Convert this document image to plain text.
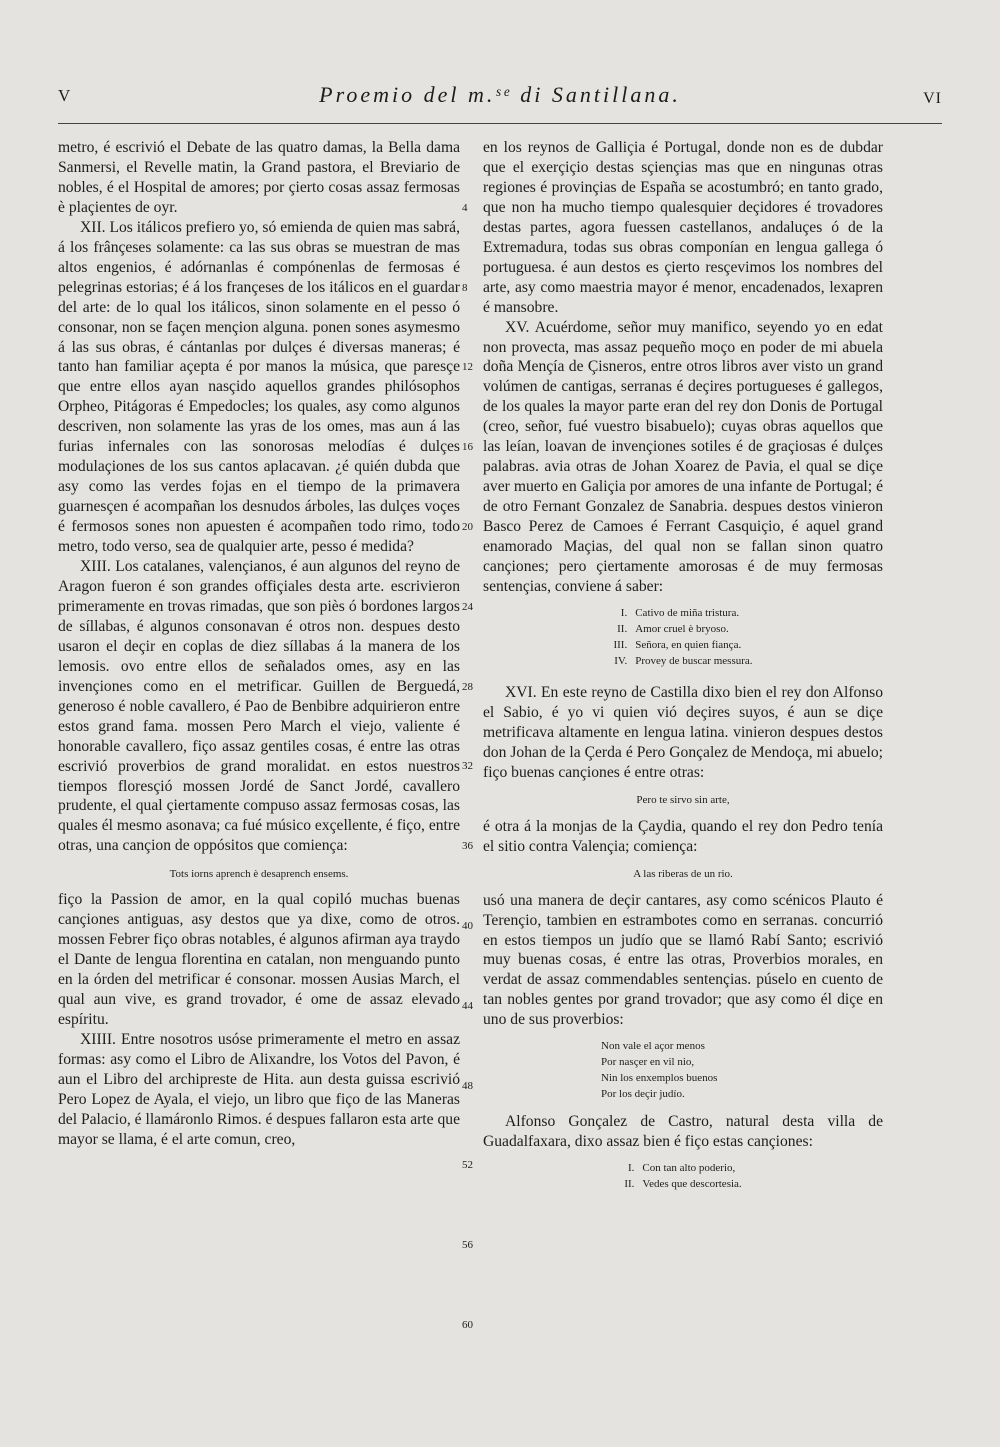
V	Proemio del m.ˢᵉ di Santillana.	VI

metro, é escrivió el Debate de las quatro damas, la Bella dama Sanmersi, el Revelle matin, la Grand pastora, el Breviario de nobles, é el Hospital de amores; por çierto cosas assaz fermosas è plaçientes de oyr.

XII. Los itálicos prefiero yo, só emienda de quien mas sabrá, á los frânçeses solamente: ca las sus obras se muestran de mas altos engenios, é adórnanlas é compónenlas de fermosas é pelegrinas estorias; é á los françeses de los itálicos en el guardar del arte: de lo qual los itálicos, sinon solamente en el pesso ó consonar, non se façen mençion alguna. ponen sones asymesmo á las sus obras, é cántanlas por dulçes é diversas maneras; é tanto han familiar açepta é por manos la música, que paresçe que entre ellos ayan nasçido aquellos grandes philósophos Orpheo, Pitágoras é Empedocles; los quales, asy como algunos descriven, non solamente las yras de los omes, mas aun á las furias infernales con las sonorosas melodías é dulçes modulaçiones de los sus cantos aplacavan. ¿é quién dubda que asy como las verdes fojas en el tiempo de la primavera guarnesçen é acompañan los desnudos árboles, las dulçes voçes é fermosos sones non apuesten é acompañen todo rimo, todo metro, todo verso, sea de qualquier arte, pesso é medida?

XIII. Los catalanes, valençianos, é aun algunos del reyno de Aragon fueron é son grandes offiçiales desta arte. escrivieron primeramente en trovas rimadas, que son piès ó bordones largos de síllabas, é algunos consonavan é otros non. despues desto usaron el deçir en coplas de diez síllabas á la manera de los lemosis. ovo entre ellos de señalados omes, asy en las invençiones como en el metrificar. Guillen de Berguedá, generoso é noble cavallero, é Pao de Benbibre adquirieron entre estos grand fama. mossen Pero March el viejo, valiente é honorable cavallero, fiço assaz gentiles cosas, é entre las otras escrivió proverbios de grand moralidat. en estos nuestros tiempos floresçió mossen Jordé de Sanct Jordé, cavallero prudente, el qual çiertamente compuso assaz fermosas cosas, las quales él mesmo asonava; ca fué músico exçellente, é fiço, entre otras, una cançion de oppósitos que comiença:

Tots iorns aprench è desaprench ensems.

fiço la Passion de amor, en la qual copiló muchas buenas cançiones antiguas, asy destos que ya dixe, como de otros. mossen Febrer fiço obras notables, é algunos afirman aya traydo el Dante de lengua florentina en catalan, non menguando punto en la órden del metrificar é consonar. mossen Ausias March, el qual aun vive, es grand trovador, é ome de assaz elevado espíritu.

XIIII. Entre nosotros usóse primeramente el metro en assaz formas: asy como el Libro de Alixandre, los Votos del Pavon, é aun el Libro del archipreste de Hita. aun desta guissa escrivió Pero Lopez de Ayala, el viejo, un libro que fiço de las Maneras del Palacio, é llamáronlo Rimos. é despues fallaron esta arte que mayor se llama, é el arte comun, creo,

4
8
12
16
20
24
28
32
36
40
44
48
52
56
60

en los reynos de Galliçia é Portugal, donde non es de dubdar que el exerçiçio destas sçiençias mas que en ningunas otras regiones é provinçias de España se acostumbró; en tanto grado, que non ha mucho tiempo qualesquier deçidores é trovadores destas partes, agora fuessen castellanos, andaluçes ó de la Extremadura, todas sus obras componían en lengua gallega ó portuguesa. é aun destos es çierto resçevimos los nombres del arte, asy como maestria mayor é menor, encadenados, lexapren é mansobre.

XV. Acuérdome, señor muy manifico, seyendo yo en edat non provecta, mas assaz pequeño moço en poder de mi abuela doña Mençía de Çisneros, entre otros libros aver visto un grand volúmen de cantigas, serranas é deçires portugueses é gallegos, de los quales la mayor parte eran del rey don Donis de Portugal (creo, señor, fué vuestro bisabuelo); cuyas obras aquellos que las leían, loavan de invençiones sotiles é de graçiosas é dulçes palabras. avia otras de Johan Xoarez de Pavia, el qual se diçe aver muerto en Galiçia por amores de una infante de Portugal; é de otro Fernant Gonzalez de Sanabria. despues destos vinieron Basco Perez de Camoes é Ferrant Casquiçio, é aquel grand enamorado Maçias, del qual non se fallan sinon quatro cançiones; pero çiertamente amorosas é de muy fermosas sentençias, conviene á saber:

I.	Cativo de miña tristura.
II.	Amor cruel è bryoso.
III.	Señora, en quien fiança.
IV.	Provey de buscar messura.

XVI. En este reyno de Castilla dixo bien el rey don Alfonso el Sabio, é yo vi quien vió deçires suyos, é aun se diçe metrificava altamente en lengua latina. vinieron despues destos don Johan de la Çerda é Pero Gonçalez de Mendoça, mi abuelo; fiço buenas cançiones é entre otras:

Pero te sirvo sin arte,

é otra á la monjas de la Çaydia, quando el rey don Pedro tenía el sitio contra Valençia; comiença:

A las riberas de un rio.

usó una manera de deçir cantares, asy como scénicos Plauto é Terençio, tambien en estrambotes como en serranas. concurrió en estos tiempos un judío que se llamó Rabí Santo; escrivió muy buenas cosas, é entre las otras, Proverbios morales, en verdat de assaz commendables sentençias. púselo en cuento de tan nobles gentes por grand trovador; que asy como él diçe en uno de sus proverbios:

Non vale el açor menos
Por nasçer en vil nio,
Nin los enxemplos buenos
Por los deçir judío.

Alfonso Gonçalez de Castro, natural desta villa de Guadalfaxara, dixo assaz bien é fiço estas cançiones:

I.	Con tan alto poderio,
II.	Vedes que descortesia.
